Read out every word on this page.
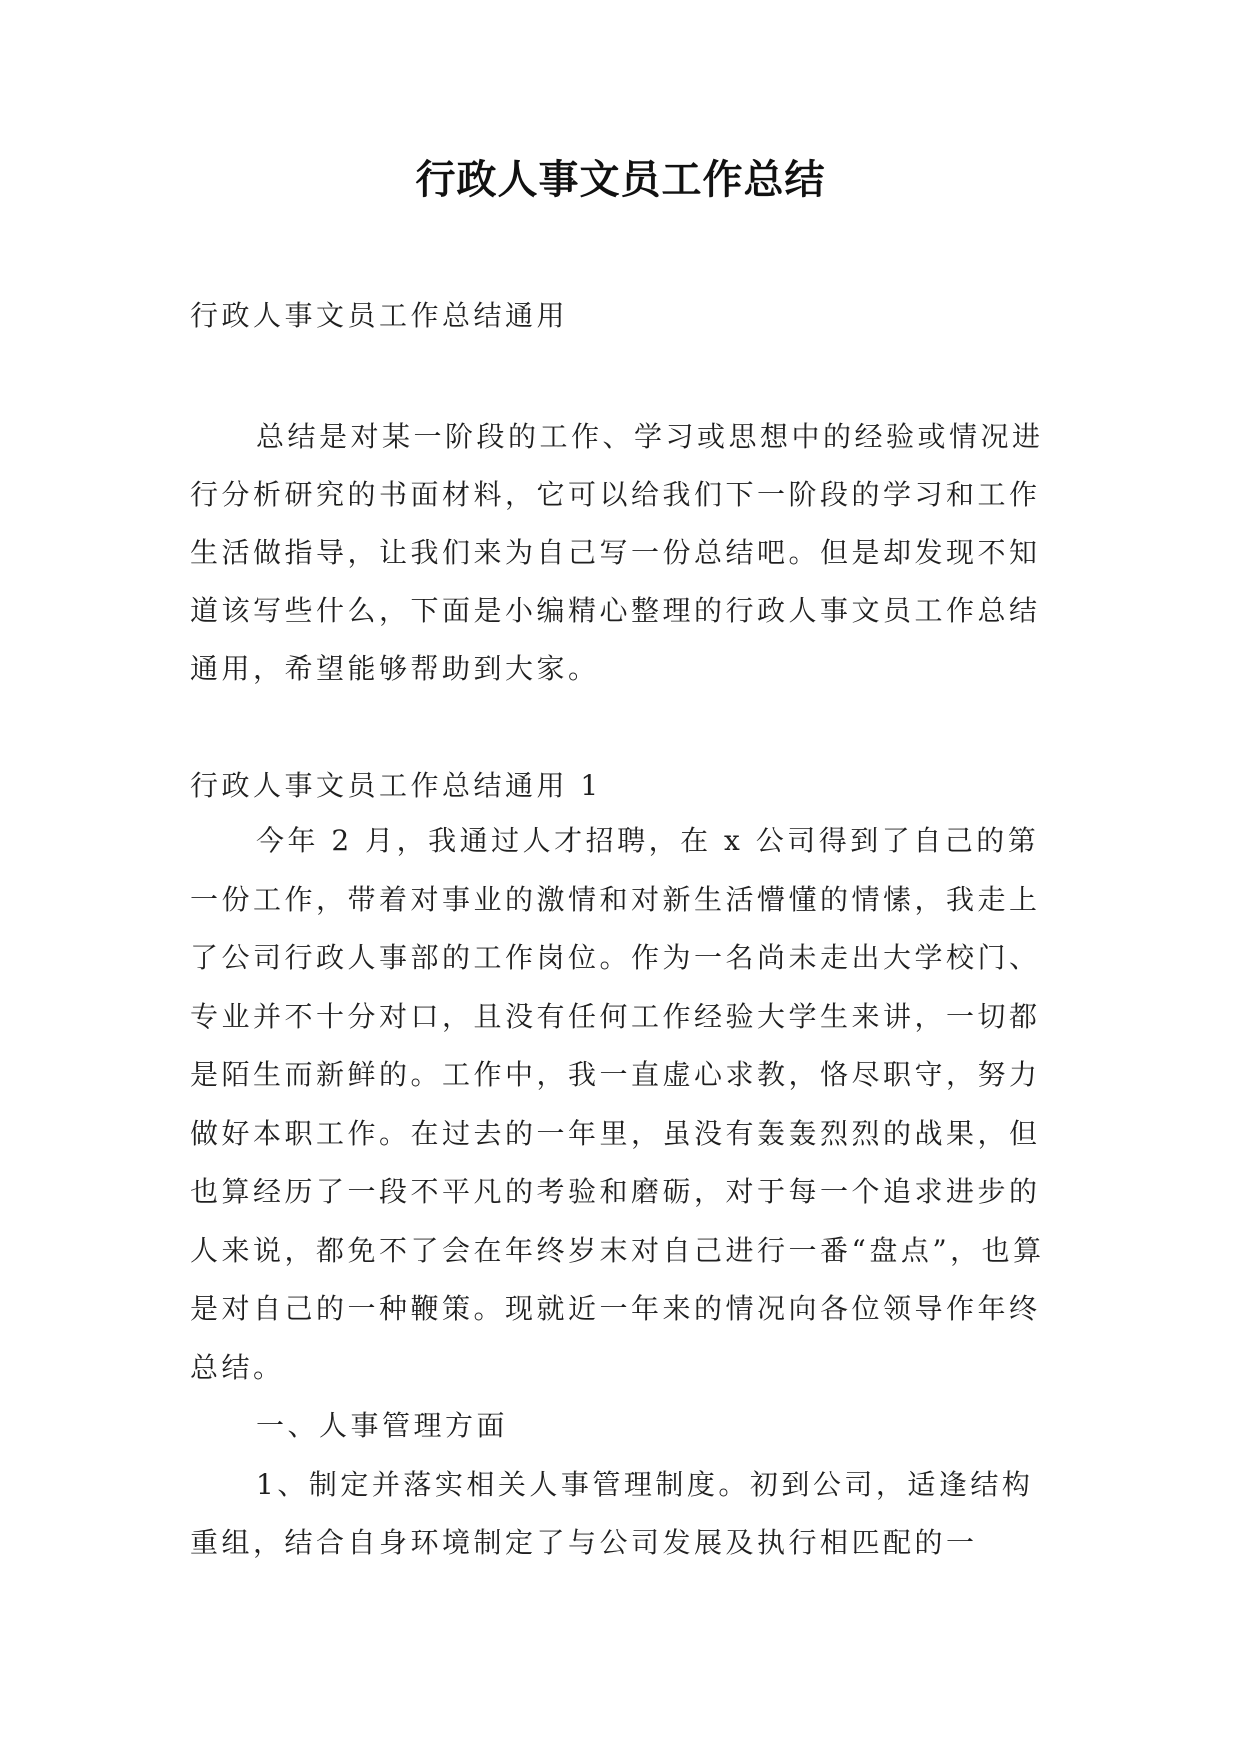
行政人事文员工作总结

行政人事文员工作总结通用

总结是对某一阶段的工作、学习或思想中的经验或情况进行分析研究的书面材料，它可以给我们下一阶段的学习和工作生活做指导，让我们来为自己写一份总结吧。但是却发现不知道该写些什么，下面是小编精心整理的行政人事文员工作总结通用，希望能够帮助到大家。

行政人事文员工作总结通用 1

今年 2 月，我通过人才招聘，在 x 公司得到了自己的第一份工作，带着对事业的激情和对新生活懵懂的情愫，我走上了公司行政人事部的工作岗位。作为一名尚未走出大学校门、专业并不十分对口，且没有任何工作经验大学生来讲，一切都是陌生而新鲜的。工作中，我一直虚心求教，恪尽职守，努力做好本职工作。在过去的一年里，虽没有轰轰烈烈的战果，但也算经历了一段不平凡的考验和磨砺，对于每一个追求进步的人来说，都免不了会在年终岁末对自己进行一番“盘点”，也算是对自己的一种鞭策。现就近一年来的情况向各位领导作年终总结。

一、人事管理方面

1、制定并落实相关人事管理制度。初到公司，适逢结构重组，结合自身环境制定了与公司发展及执行相匹配的一
